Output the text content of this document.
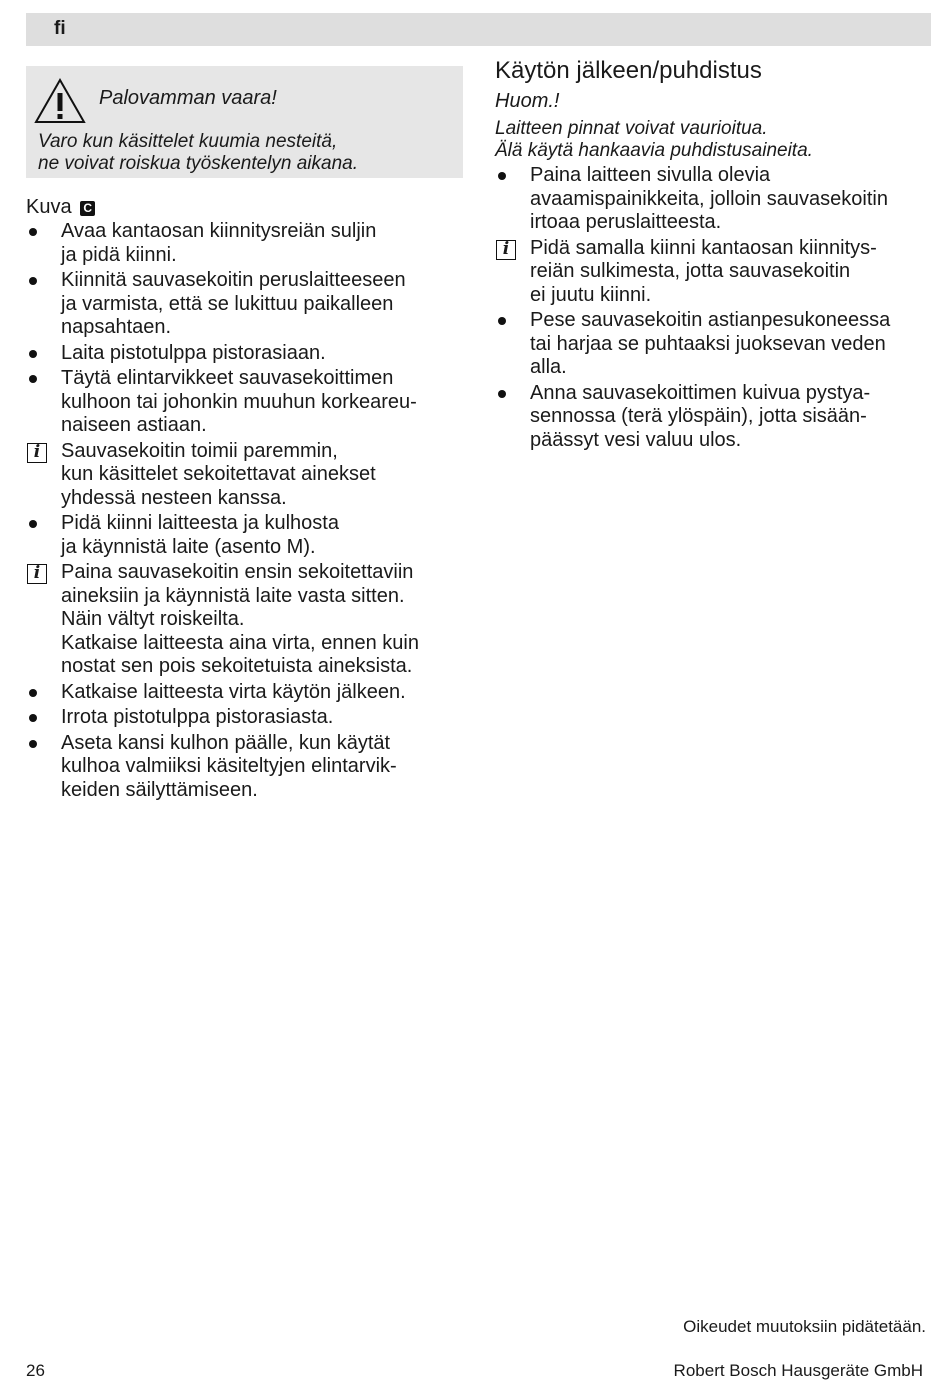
fi
Palovamman vaara!
Varo kun käsittelet kuumia nesteitä,
ne voivat roiskua työskentelyn aikana.
Kuva C
Avaa kantaosan kiinnitysreiän suljin
ja pidä kiinni.
Kiinnitä sauvasekoitin peruslaitteeseen
ja varmista, että se lukittuu paikalleen
napsahtaen.
Laita pistotulppa pistorasiaan.
Täytä elintarvikkeet sauvasekoittimen
kulhoon tai johonkin muuhun korkeareu-
naiseen astiaan.
i	Sauvasekoitin toimii paremmin,
kun käsittelet sekoitettavat ainekset
yhdessä nesteen kanssa.
Pidä kiinni laitteesta ja kulhosta
ja käynnistä laite (asento M).
i	Paina sauvasekoitin ensin sekoitettaviin
aineksiin ja käynnistä laite vasta sitten.
Näin vältyt roiskeilta.
Katkaise laitteesta aina virta, ennen kuin
nostat sen pois sekoitetuista aineksista.
Katkaise laitteesta virta käytön jälkeen.
Irrota pistotulppa pistorasiasta.
Aseta kansi kulhon päälle, kun käytät
kulhoa valmiiksi käsiteltyjen elintarvik-
keiden säilyttämiseen.
Käytön jälkeen/puhdistus
Huom.!
Laitteen pinnat voivat vaurioitua.
Älä käytä hankaavia puhdistusaineita.
Paina laitteen sivulla olevia
avaamispainikkeita, jolloin sauvasekoitin
irtoaa peruslaitteesta.
i	Pidä samalla kiinni kantaosan kiinnitys-
reiän sulkimesta, jotta sauvasekoitin
ei juutu kiinni.
Pese sauvasekoitin astianpesukoneessa
tai harjaa se puhtaaksi juoksevan veden
alla.
Anna sauvasekoittimen kuivua pystya-
sennossa (terä ylöspäin), jotta sisään-
päässyt vesi valuu ulos.
Oikeudet muutoksiin pidätetään.
26	Robert Bosch Hausgeräte GmbH
